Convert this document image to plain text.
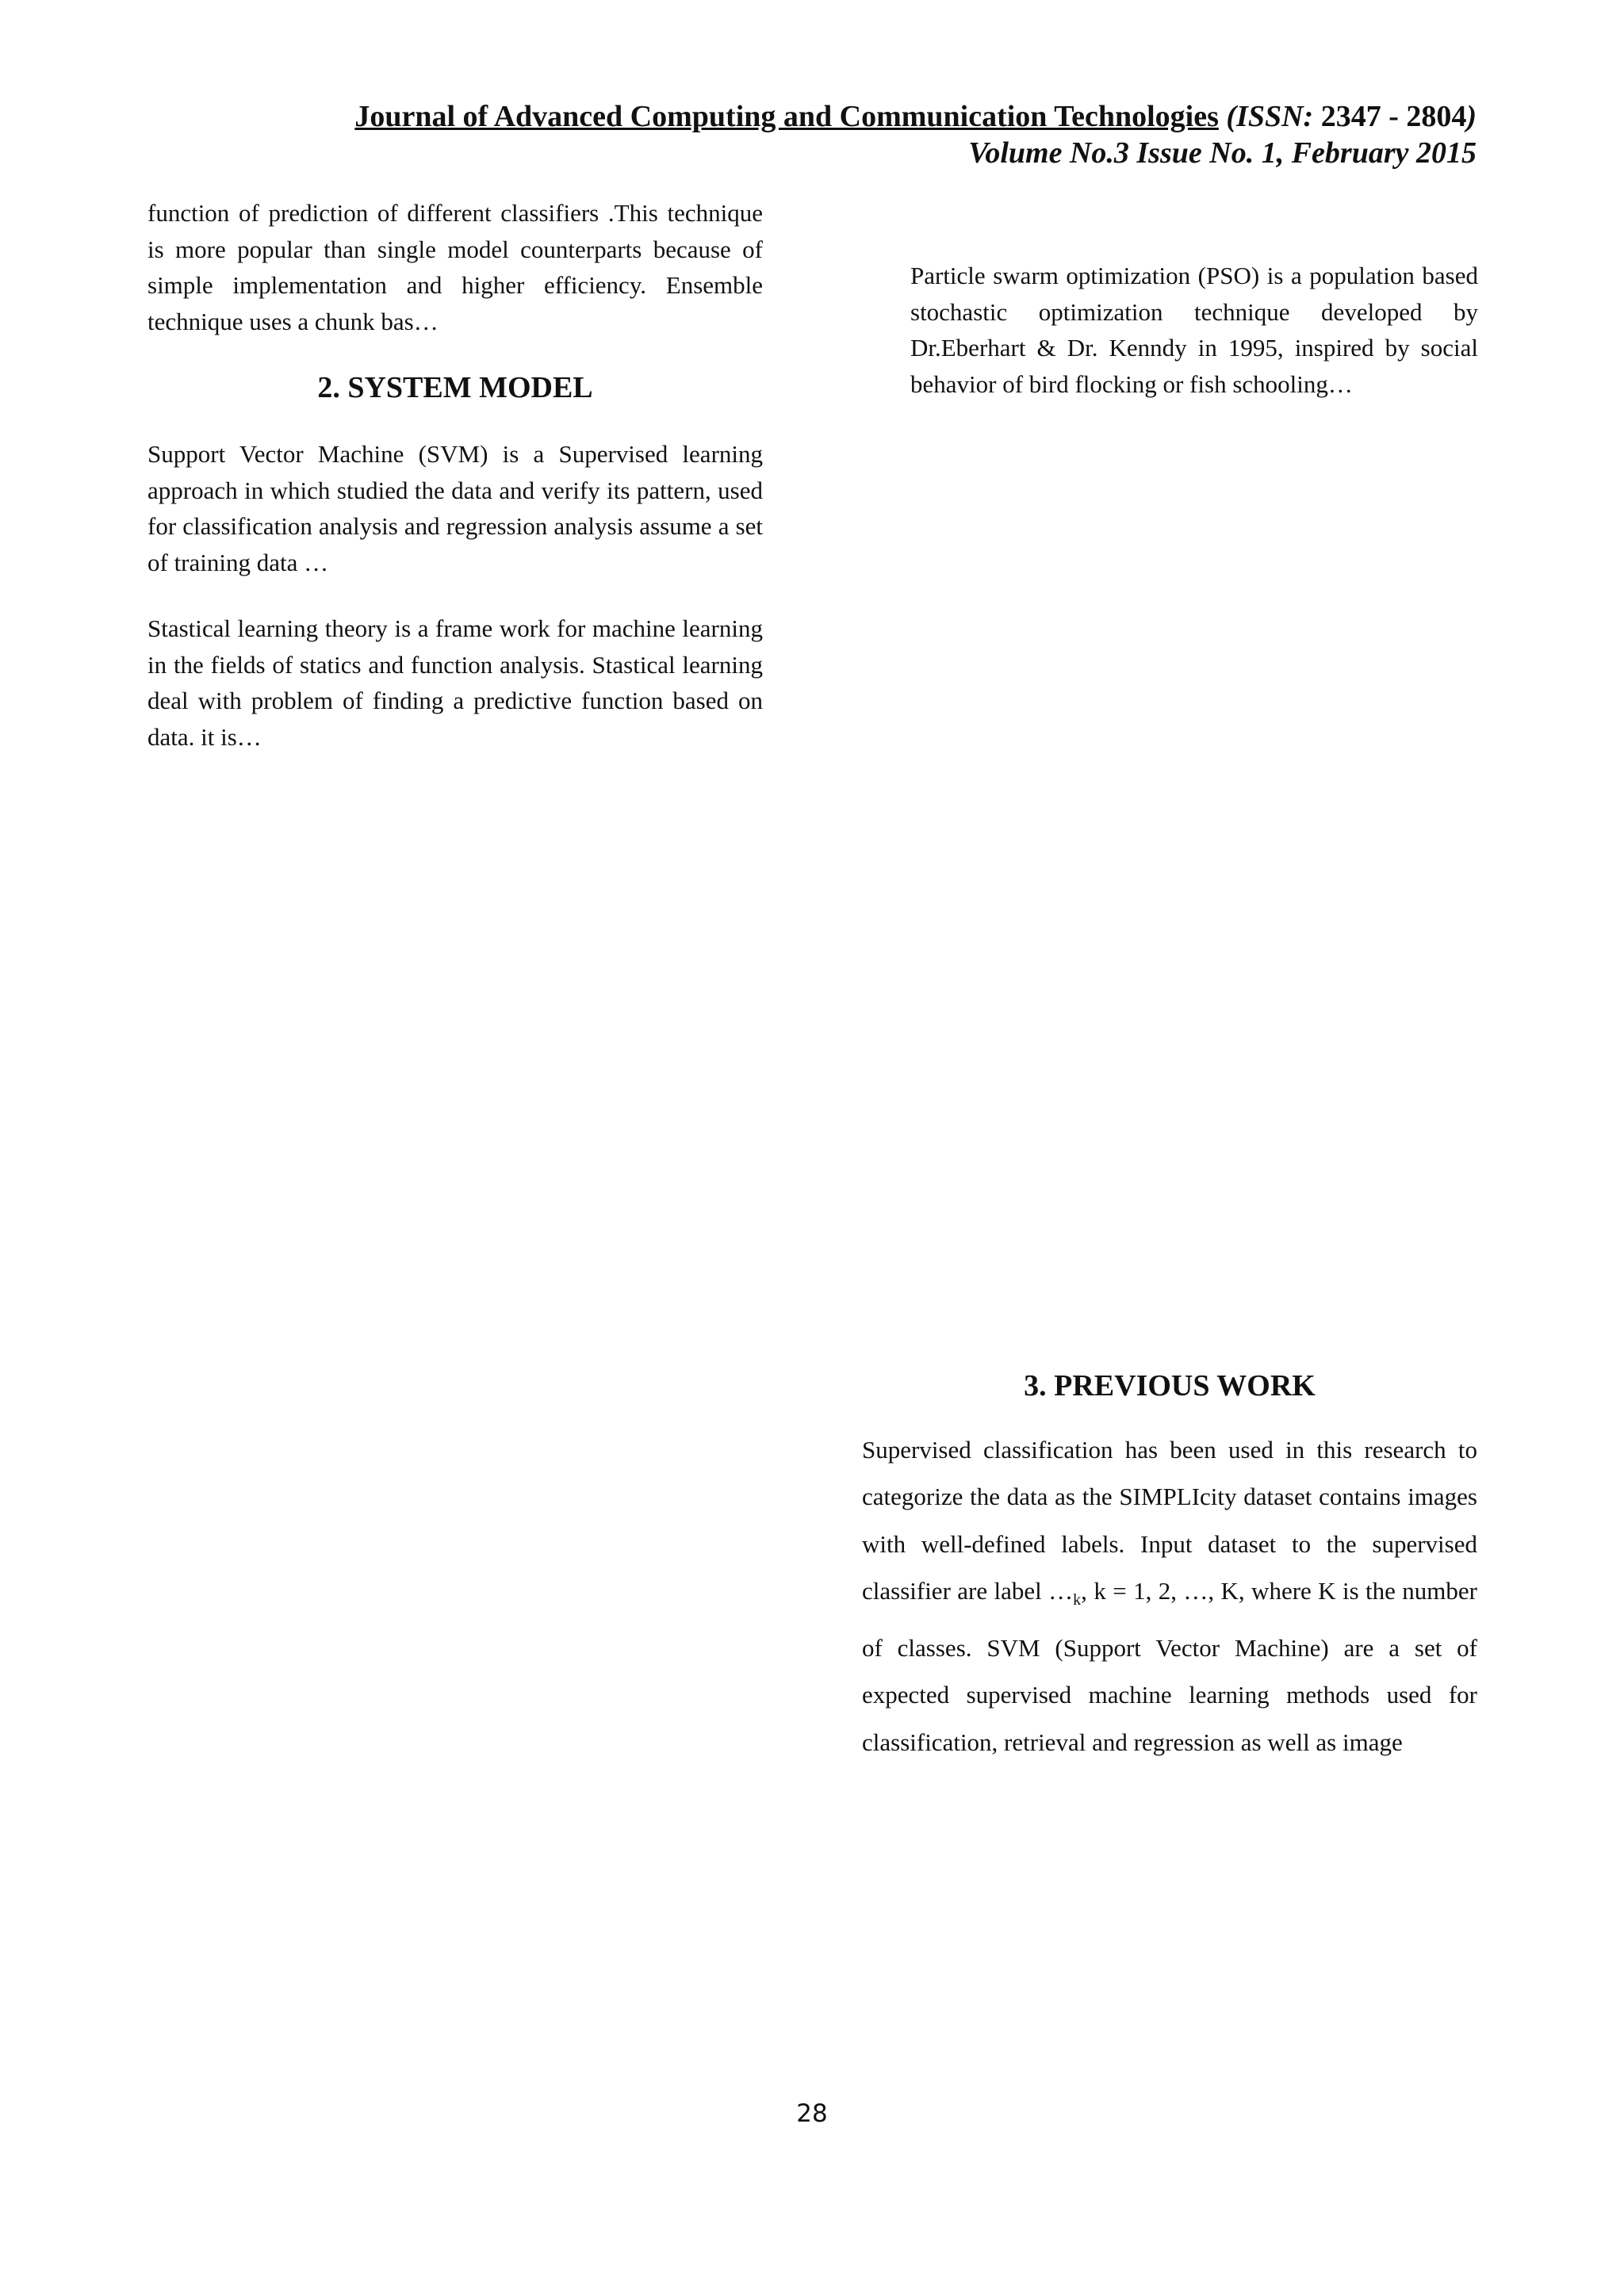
Journal of Advanced Computing and Communication Technologies (ISSN: 2347 - 2804)

Volume No.3 Issue No. 1, February 2015

function of prediction of different classifiers .This technique is more popular than single model counterparts because of simple implementation and higher efficiency. Ensemble technique uses a chunk bas…

2. SYSTEM MODEL

Support Vector Machine (SVM) is a Supervised learning approach in which studied the data and verify its pattern, used for classification analysis and regression analysis assume a set of training data …

Stastical learning theory is a frame work for machine learning in the fields of statics and function analysis. Stastical learning deal with problem of finding a predictive function based on data. it is…

Particle swarm optimization (PSO) is a population based stochastic optimization technique developed by Dr.Eberhart & Dr. Kenndy in 1995, inspired by social behavior of bird flocking or fish schooling…

3. PREVIOUS WORK

Supervised classification has been used in this research to categorize the data as the SIMPLIcity dataset contains images with well-defined labels. Input dataset to the supervised classifier are label $\dots_k$, k = 1, 2, …, K, where K is the number of classes. SVM (Support Vector Machine) are a set of expected supervised machine learning methods used for classification, retrieval and regression as well as image

28
